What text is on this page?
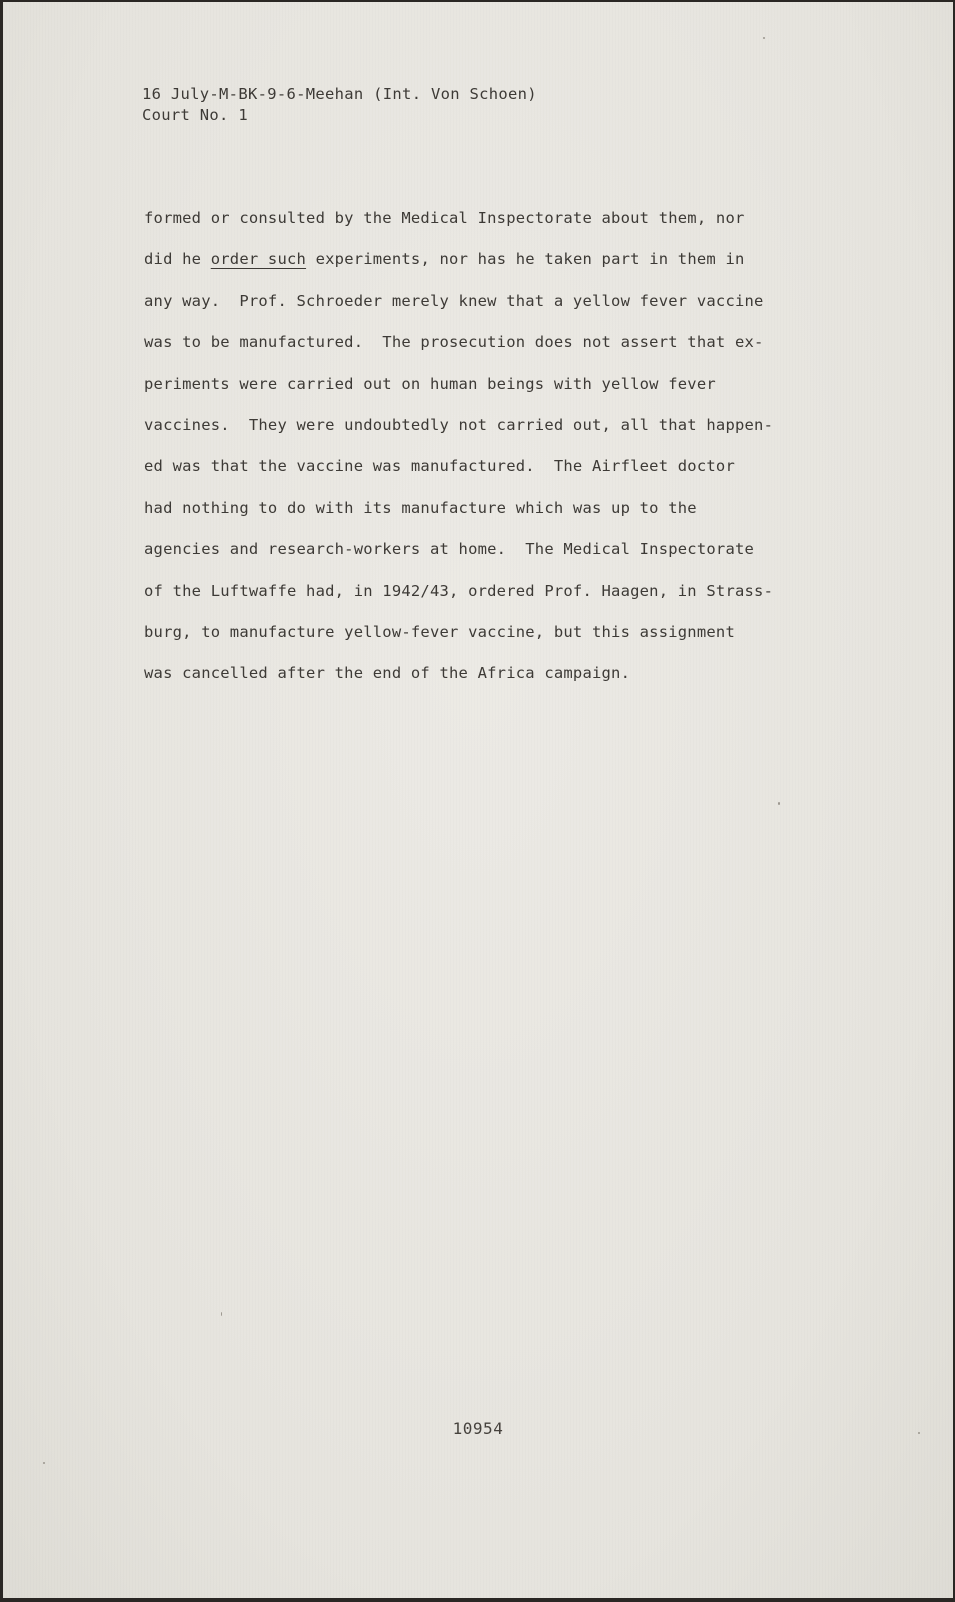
16 July-M-BK-9-6-Meehan (Int. Von Schoen)
Court No. 1
formed or consulted by the Medical Inspectorate about them, nor
did he order such experiments, nor has he taken part in them in
any way.  Prof. Schroeder merely knew that a yellow fever vaccine
was to be manufactured.  The prosecution does not assert that ex-
periments were carried out on human beings with yellow fever
vaccines.  They were undoubtedly not carried out, all that happen-
ed was that the vaccine was manufactured.  The Airfleet doctor
had nothing to do with its manufacture which was up to the
agencies and research-workers at home.  The Medical Inspectorate
of the Luftwaffe had, in 1942/43, ordered Prof. Haagen, in Strass-
burg, to manufacture yellow-fever vaccine, but this assignment
was cancelled after the end of the Africa campaign.
10954
